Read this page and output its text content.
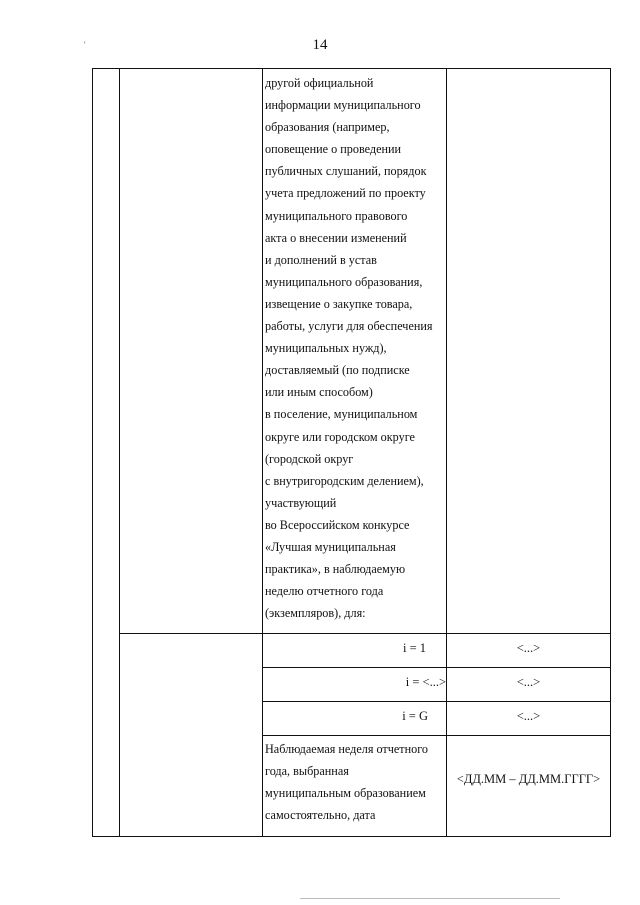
ʻ	14
другой официальной
информации муниципального
образования (например,
оповещение о проведении
публичных слушаний, порядок
учета предложений по проекту
муниципального правового
акта о внесении изменений
и дополнений в устав
муниципального образования,
извещение о закупке товара,
работы, услуги для обеспечения
муниципальных нужд),
доставляемый (по подписке
или иным способом)
в поселение, муниципальном
округе или городском округе
(городской округ
с внутригородским делением),
участвующий
во Всероссийском конкурсе
«Лучшая муниципальная
практика», в наблюдаемую
неделю отчетного года
(экземпляров), для:
i = 1	<...>
i = <...>	<...>
i = G	<...>
Наблюдаемая неделя отчетного
года, выбранная
муниципальным образованием
самостоятельно, дата
<ДД.ММ – ДД.ММ.ГГГГ>
